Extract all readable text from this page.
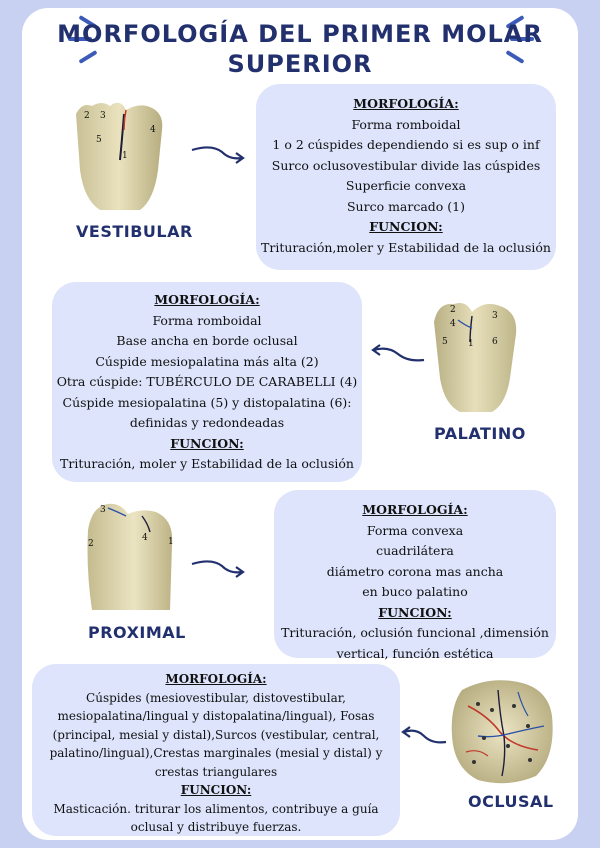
MORFOLOGÍA DEL PRIMER MOLAR
SUPERIOR
1
2 3
4
5
VESTIBULAR
MORFOLOGÍA:
Forma romboidal
1 o 2 cúspides dependiendo si es sup o inf
Surco oclusovestibular divide las cúspides
Superficie convexa
Surco marcado (1)
FUNCION:
Trituración,moler y Estabilidad de la oclusión
MORFOLOGÍA:
Forma romboidal
Base ancha en borde oclusal
Cúspide mesiopalatina más alta (2)
Otra cúspide: TUBÉRCULO DE CARABELLI (4)
Cúspide mesiopalatina (5) y distopalatina (6):
definidas y redondeadas
FUNCION:
Trituración, moler y Estabilidad de la oclusión
1
2
3
4
5	6
PALATINO
1
2
3
4
PROXIMAL
MORFOLOGÍA:
Forma convexa
cuadrilátera
diámetro corona mas ancha
en buco palatino
FUNCION:
Trituración, oclusión funcional ,dimensión
vertical, función estética
MORFOLOGÍA:
Cúspides (mesiovestibular, distovestibular,
mesiopalatina/lingual y distopalatina/lingual), Fosas
(principal, mesial y distal),Surcos (vestibular, central,
palatino/lingual),Crestas marginales (mesial y distal) y
crestas triangulares
FUNCION:
Masticación. triturar los alimentos, contribuye a guía
oclusal y distribuye fuerzas.
OCLUSAL
